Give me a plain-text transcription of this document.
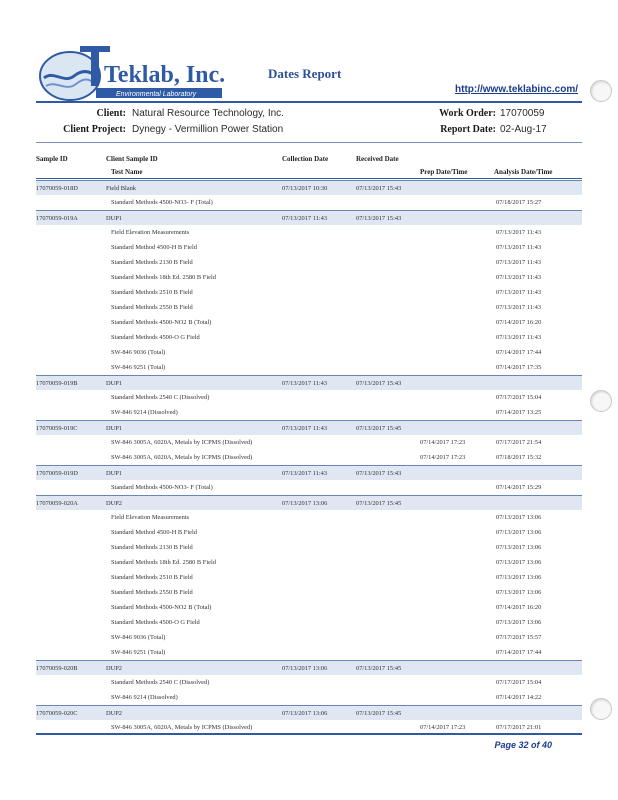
Teklab, Inc.
Environmental Laboratory
Dates Report
http://www.teklabinc.com/
Client: Natural Resource Technology, Inc.
Client Project: Dynegy - Vermillion Power Station
Work Order: 17070059
Report Date: 02-Aug-17
Sample ID	Client Sample ID
Test Name
Collection Date	Received Date
Prep Date/Time	Analysis Date/Time
17070059-018D	Field Blank	07/13/2017 10:30	07/13/2017 15:43
Standard Methods 4500-NO3- F (Total)	07/18/2017 15:27
17070059-019A	DUP1	07/13/2017 11:43	07/13/2017 15:43
Field Elevation Measurements	07/13/2017 11:43
Standard Method 4500-H B Field	07/13/2017 11:43
Standard Methods 2130 B Field	07/13/2017 11:43
Standard Methods 18th Ed. 2580 B Field	07/13/2017 11:43
Standard Methods 2510 B Field	07/13/2017 11:43
Standard Methods 2550 B Field	07/13/2017 11:43
Standard Methods 4500-NO2 B (Total)	07/14/2017 16:20
Standard Methods 4500-O G Field	07/13/2017 11:43
SW-846 9036 (Total)	07/14/2017 17:44
SW-846 9251 (Total)	07/14/2017 17:35
17070059-019B	DUP1	07/13/2017 11:43	07/13/2017 15:43
Standard Methods 2540 C (Dissolved)	07/17/2017 15:04
SW-846 9214 (Dissolved)	07/14/2017 13:25
17070059-019C	DUP1	07/13/2017 11:43	07/13/2017 15:45
SW-846 3005A, 6020A, Metals by ICPMS (Dissolved)	07/14/2017 17:23	07/17/2017 21:54
SW-846 3005A, 6020A, Metals by ICPMS (Dissolved)	07/14/2017 17:23	07/18/2017 15:32
17070059-019D	DUP1	07/13/2017 11:43	07/13/2017 15:43
Standard Methods 4500-NO3- F (Total)	07/14/2017 15:29
17070059-020A	DUP2	07/13/2017 13:06	07/13/2017 15:45
Field Elevation Measurements	07/13/2017 13:06
Standard Method 4500-H B Field	07/13/2017 13:06
Standard Methods 2130 B Field	07/13/2017 13:06
Standard Methods 18th Ed. 2580 B Field	07/13/2017 13:06
Standard Methods 2510 B Field	07/13/2017 13:06
Standard Methods 2550 B Field	07/13/2017 13:06
Standard Methods 4500-NO2 B (Total)	07/14/2017 16:20
Standard Methods 4500-O G Field	07/13/2017 13:06
SW-846 9036 (Total)	07/17/2017 15:57
SW-846 9251 (Total)	07/14/2017 17:44
17070059-020B	DUP2	07/13/2017 13:06	07/13/2017 15:45
Standard Methods 2540 C (Dissolved)	07/17/2017 15:04
SW-846 9214 (Dissolved)	07/14/2017 14:22
17070059-020C	DUP2	07/13/2017 13:06	07/13/2017 15:45
SW-846 3005A, 6020A, Metals by ICPMS (Dissolved)	07/14/2017 17:23	07/17/2017 21:01
Page 32 of 40
